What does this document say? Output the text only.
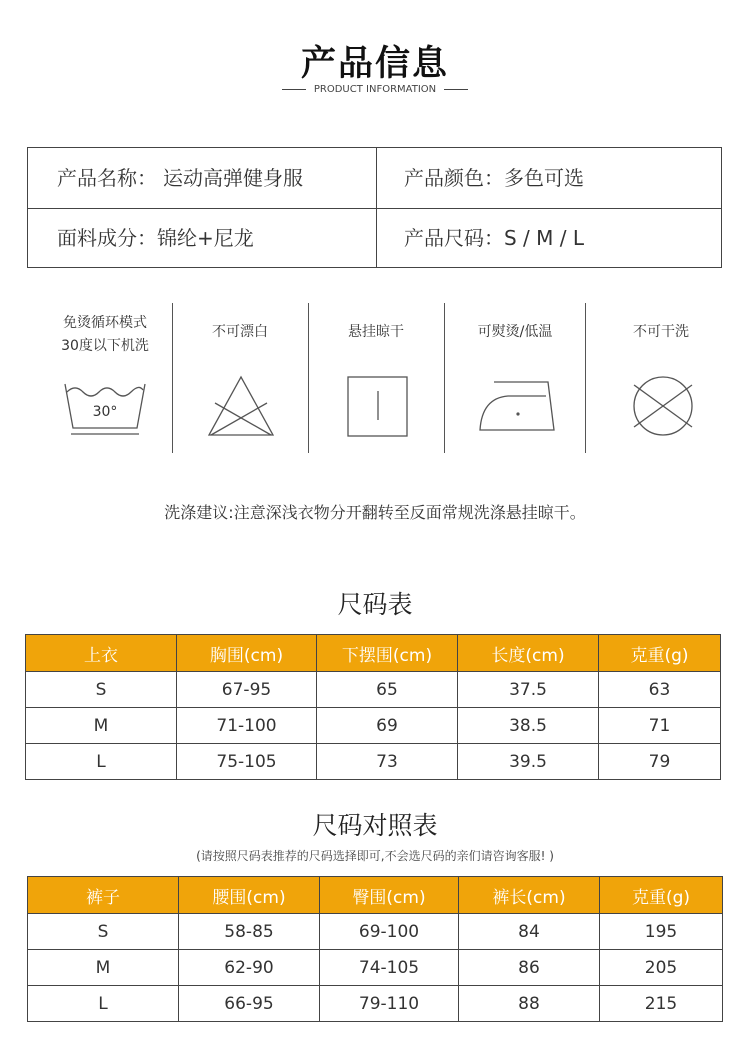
产品信息
PRODUCT INFORMATION
产品名称： 运动高弹健身服	产品颜色：多色可选
面料成分：锦纶+尼龙	产品尺码：S / M / L
免烫循环模式
30度以下机洗
30°
不可漂白	悬挂晾干	可熨烫/低温	不可干洗
洗涤建议:注意深浅衣物分开翻转至反面常规洗涤悬挂晾干。
尺码表
上衣	胸围(cm)	下摆围(cm)	长度(cm)	克重(g)
S	67-95	65	37.5	63
M	71-100	69	38.5	71
L	75-105	73	39.5	79
尺码对照表
(请按照尺码表推荐的尺码选择即可,不会选尺码的亲们请咨询客服! )
裤子	腰围(cm)	臀围(cm)	裤长(cm)	克重(g)
S	58-85	69-100	84	195
M	62-90	74-105	86	205
L	66-95	79-110	88	215
